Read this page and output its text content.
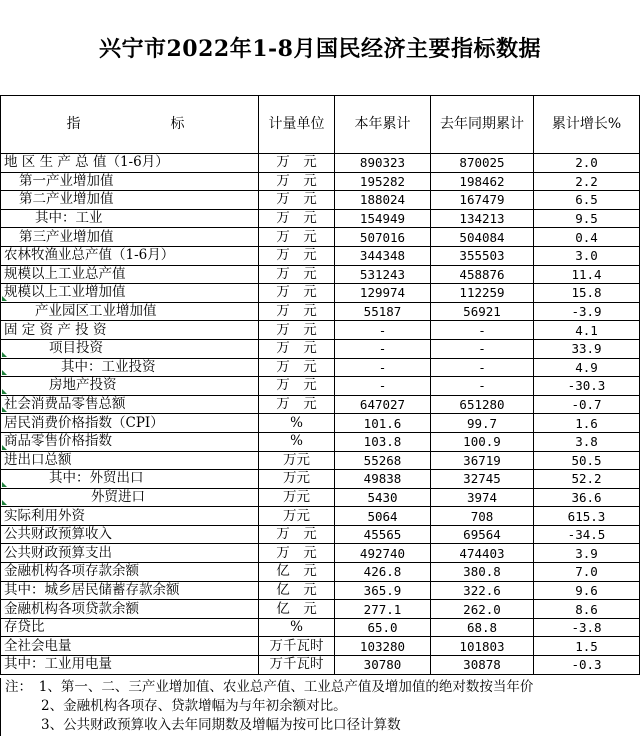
兴宁市2022年1-8月国民经济主要指标数据
指　标	计量单位	本年累计	去年同期累计	累计增长%
地 区 生 产 总 值（1-6月）	万　元	890323	870025	2.0
第一产业增加值	万　元	195282	198462	2.2
第二产业增加值	万　元	188024	167479	6.5
其中：工业	万　元	154949	134213	9.5
第三产业增加值	万　元	507016	504084	0.4
农林牧渔业总产值（1-6月）	万　元	344348	355503	3.0
规模以上工业总产值	万　元	531243	458876	11.4
规模以上工业增加值	万　元	129974	112259	15.8
产业园区工业增加值	万　元	55187	56921	-3.9
固 定 资 产 投 资	万　元	-	-	4.1
项目投资	万　元	-	-	33.9
其中：工业投资	万　元	-	-	4.9
房地产投资	万　元	-	-	-30.3
社会消费品零售总额	万　元	647027	651280	-0.7
居民消费价格指数（CPI）	%	101.6	99.7	1.6
商品零售价格指数	%	103.8	100.9	3.8
进出口总额	万元	55268	36719	50.5
其中：外贸出口	万元	49838	32745	52.2
外贸进口	万元	5430	3974	36.6
实际利用外资	万元	5064	708	615.3
公共财政预算收入	万　元	45565	69564	-34.5
公共财政预算支出	万　元	492740	474403	3.9
金融机构各项存款余额	亿　元	426.8	380.8	7.0
其中：城乡居民储蓄存款余额	亿　元	365.9	322.6	9.6
金融机构各项贷款余额	亿　元	277.1	262.0	8.6
存贷比	%	65.0	68.8	-3.8
全社会电量	万千瓦时	103280	101803	1.5
其中：工业用电量	万千瓦时	30780	30878	-0.3
注：　1、第一、二、三产业增加值、农业总产值、工业总产值及增加值的绝对数按当年价
2、金融机构各项存、贷款增幅为与年初余额对比。
3、公共财政预算收入去年同期数及增幅为按可比口径计算数
